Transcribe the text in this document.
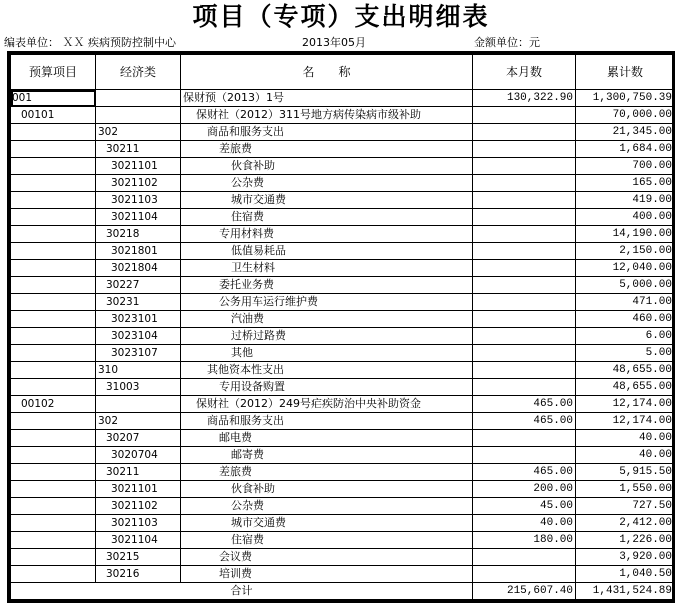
项目（专项）支出明细表
编表单位： ＸＸ 疾病预防控制中心	2013年05月	金额单位：元
预算项目	经济类	名　　称	本月数	累计数
001		保财预（2013）1号	130,322.90	1,300,750.39
00101		保财社（2012）311号地方病传染病市级补助		70,000.00
	302	商品和服务支出		21,345.00
	30211	差旅费		1,684.00
	3021101	伙食补助		700.00
	3021102	公杂费		165.00
	3021103	城市交通费		419.00
	3021104	住宿费		400.00
	30218	专用材料费		14,190.00
	3021801	低值易耗品		2,150.00
	3021804	卫生材料		12,040.00
	30227	委托业务费		5,000.00
	30231	公务用车运行维护费		471.00
	3023101	汽油费		460.00
	3023104	过桥过路费		6.00
	3023107	其他		5.00
	310	其他资本性支出		48,655.00
	31003	专用设备购置		48,655.00
00102		保财社（2012）249号疟疾防治中央补助资金	465.00	12,174.00
	302	商品和服务支出	465.00	12,174.00
	30207	邮电费		40.00
	3020704	邮寄费		40.00
	30211	差旅费	465.00	5,915.50
	3021101	伙食补助	200.00	1,550.00
	3021102	公杂费	45.00	727.50
	3021103	城市交通费	40.00	2,412.00
	3021104	住宿费	180.00	1,226.00
	30215	会议费		3,920.00
	30216	培训费		1,040.50
合计			215,607.40	1,431,524.89
